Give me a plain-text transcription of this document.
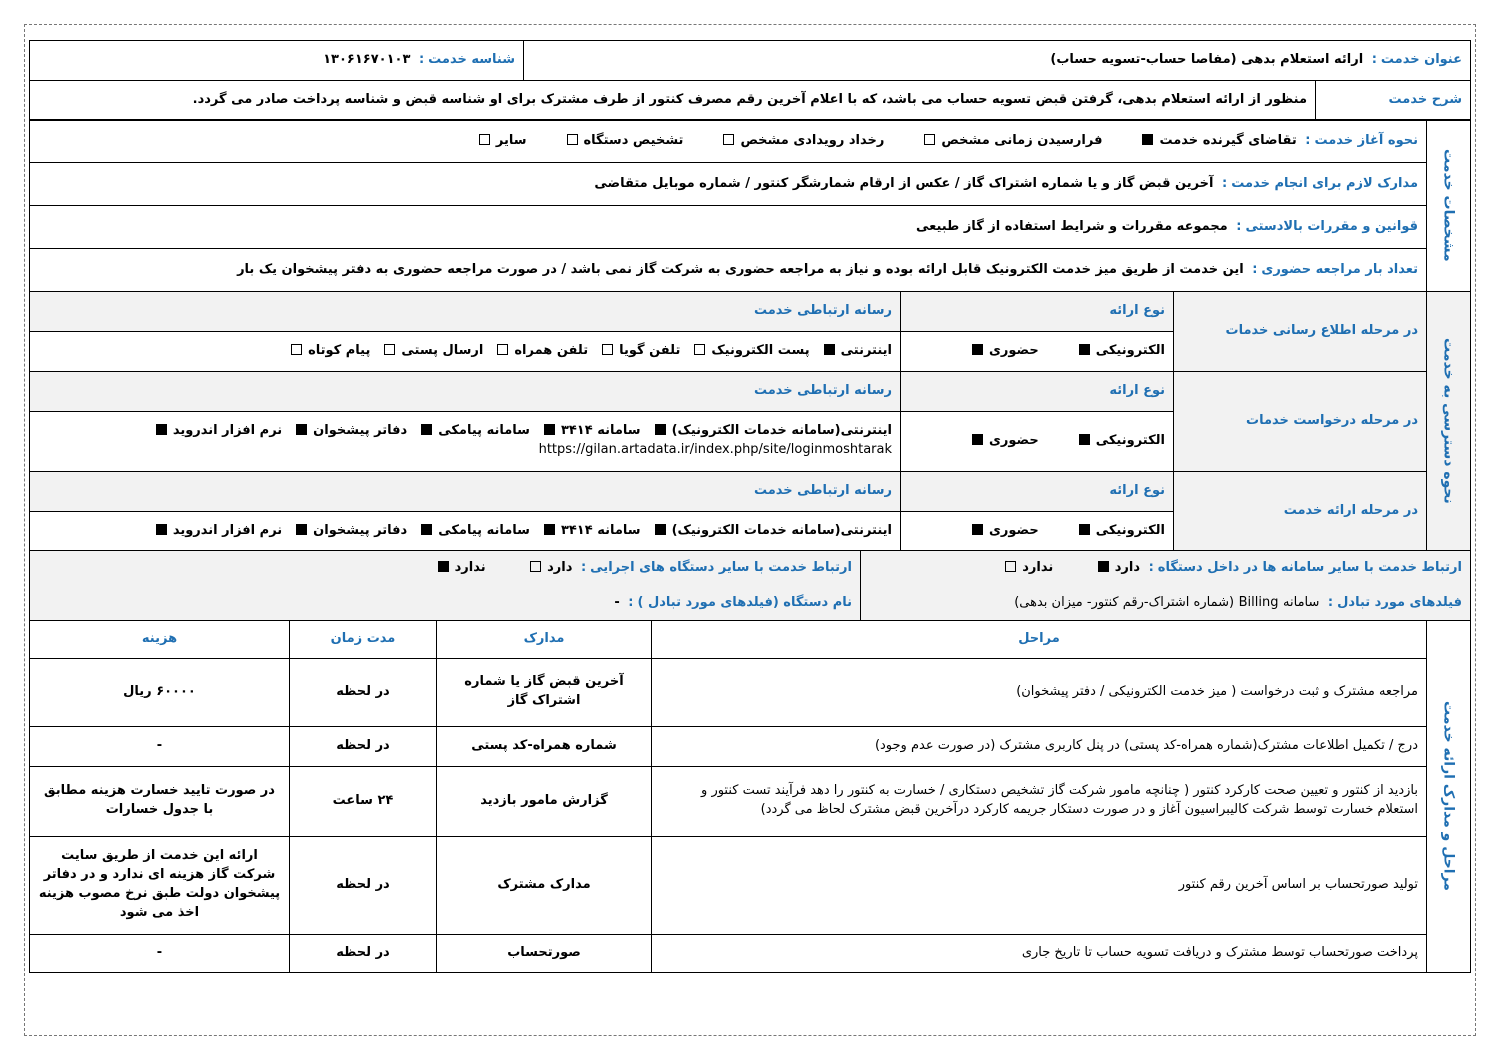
عنوان خدمت: ارائه استعلام بدهی (مفاصا حساب-تسویه حساب)	شناسه خدمت: ۱۳۰۶۱۶۷۰۱۰۳
شرح خدمت	منظور از ارائه استعلام بدهی، گرفتن قبض تسویه حساب می باشد، که با اعلام آخرین رقم مصرف کنتور از طرف مشترک برای او شناسه قبض و شناسه پرداخت صادر می گردد.
مشخصات خدمت	نحوه آغاز خدمت: تقاضای گیرنده خدمتفرارسیدن زمانی مشخصرخداد رویدادی مشخصتشخیص دستگاهسایر
مدارک لازم برای انجام خدمت: آخرین قبض گاز و یا شماره اشتراک گاز / عکس از ارقام شمارشگر کنتور / شماره موبایل متقاضی
قوانین و مقررات بالادستی: مجموعه مقررات و شرایط استفاده از گاز طبیعی
تعداد بار مراجعه حضوری: این خدمت از طریق میز خدمت الکترونیک قابل ارائه بوده و نیاز به مراجعه حضوری به شرکت گاز نمی باشد / در صورت مراجعه حضوری به دفتر پیشخوان یک بار
نحوه دسترسی به خدمت	در مرحله اطلاع رسانی خدمات	نوع ارائه	رسانه ارتباطی خدمت
		الکترونیکیحضوری	اینترنتیپست الکترونیکتلفن گویاتلفن همراهارسال پستیپیام کوتاه
	در مرحله درخواست خدمات	نوع ارائه	رسانه ارتباطی خدمت
		الکترونیکیحضوری	اینترنتی(سامانه خدمات الکترونیک)سامانه ۳۴۱۴سامانه پیامکیدفاتر پیشخواننرم افزار اندروید
https://gilan.artadata.ir/index.php/site/loginmoshtarak

	در مرحله ارائه خدمت	نوع ارائه	رسانه ارتباطی خدمت
		الکترونیکیحضوری	اینترنتی(سامانه خدمات الکترونیک)سامانه ۳۴۱۴سامانه پیامکیدفاتر پیشخواننرم افزار اندروید
ارتباط خدمت با سایر سامانه ها در داخل دستگاه: دارد ندارد	ارتباط خدمت با سایر دستگاه های اجرایی: دارد ندارد
فیلدهای مورد تبادل: سامانه Billing (شماره اشتراک-رقم کنتور- میزان بدهی)	نام دستگاه (فیلدهای مورد تبادل ): -
مراحل و مدارک ارائه خدمت	مراحل	مدارک	مدت زمان	هزینه
	مراجعه مشترک و ثبت درخواست ( میز خدمت الکترونیکی / دفتر پیشخوان)	آخرین قبض گاز یا شماره اشتراک گاز	در لحظه	۶۰۰۰۰ ریال
	درج / تکمیل اطلاعات مشترک(شماره همراه-کد پستی) در پنل کاربری مشترک (در صورت عدم وجود)	شماره همراه-کد پستی	در لحظه	-
	بازدید از کنتور و تعیین صحت کارکرد کنتور ( چنانچه مامور شرکت گاز تشخیص دستکاری / خسارت به کنتور را دهد فرآیند تست کنتور و استعلام خسارت توسط شرکت کالیبراسیون آغاز و در صورت دستکار جریمه کارکرد درآخرین قبض مشترک لحاظ می گردد)	گزارش مامور بازدید	۲۴ ساعت	در صورت تایید خسارت هزینه مطابق با جدول خسارات
	تولید صورتحساب بر اساس آخرین رقم کنتور	مدارک مشترک	در لحظه	ارائه این خدمت از طریق سایت شرکت گاز هزینه ای ندارد و در دفاتر پیشخوان دولت طبق نرخ مصوب هزینه اخذ می شود
	پرداخت صورتحساب توسط مشترک و دریافت تسویه حساب تا تاریخ جاری	صورتحساب	در لحظه	-
